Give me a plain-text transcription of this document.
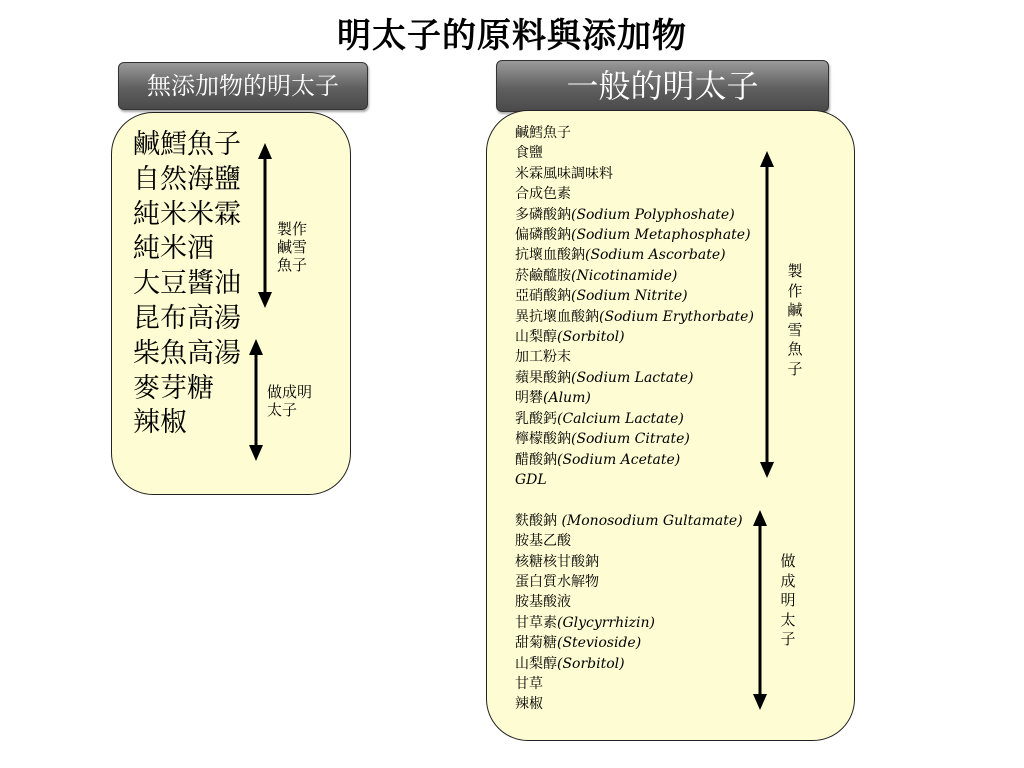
明太子的原料與添加物
無添加物的明太子
鹹鱈魚子
自然海鹽
純米米霖
純米酒
大豆醬油
昆布高湯
柴魚高湯
麥芽糖
辣椒
製作
鹹雪
魚子
做成明
太子
一般的明太子
鹹鱈魚子
食鹽
米霖風味調味料
合成色素
多磷酸鈉(Sodium Polyphoshate)
偏磷酸鈉(Sodium Metaphosphate)
抗壞血酸鈉(Sodium Ascorbate)
菸鹼醯胺(Nicotinamide)
亞硝酸鈉(Sodium Nitrite)
異抗壞血酸鈉(Sodium Erythorbate)
山梨醇(Sorbitol)
加工粉末
蘋果酸鈉(Sodium Lactate)
明礬(Alum)
乳酸鈣(Calcium Lactate)
檸檬酸鈉(Sodium Citrate)
醋酸鈉(Sodium Acetate)
GDL
麩酸鈉 (Monosodium Gultamate)
胺基乙酸
核糖核甘酸鈉
蛋白質水解物
胺基酸液
甘草素(Glycyrrhizin)
甜菊糖(Stevioside)
山梨醇(Sorbitol)
甘草
辣椒
製
作
鹹
雪
魚
子
做
成
明
太
子
